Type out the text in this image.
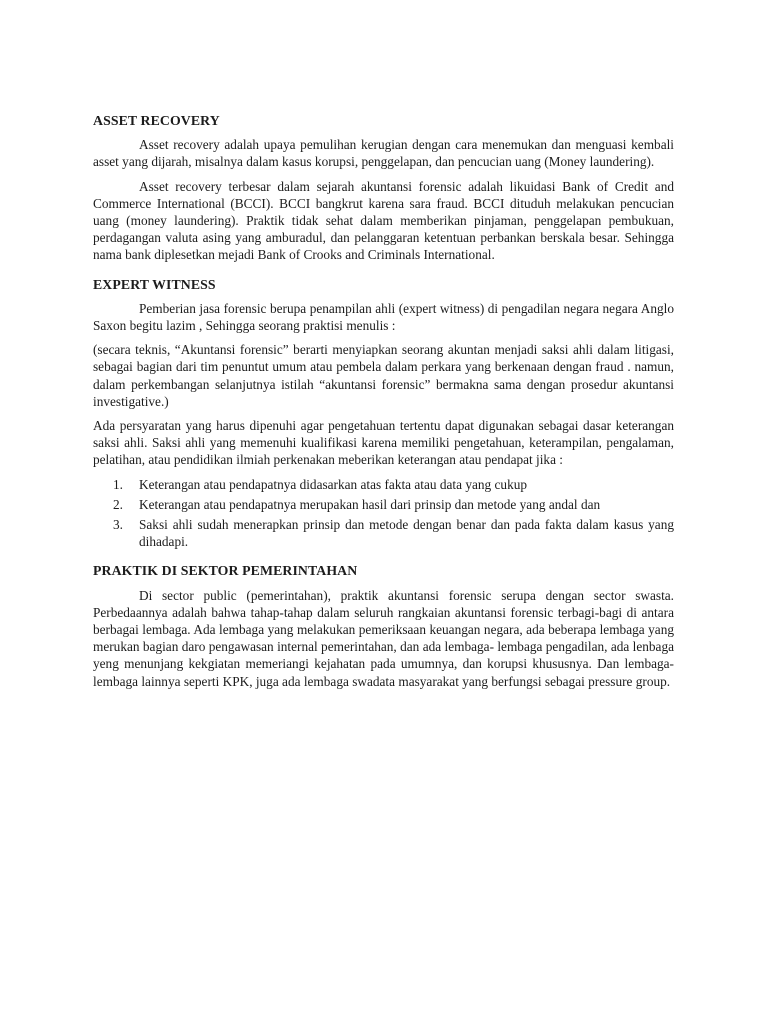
ASSET RECOVERY

Asset recovery adalah upaya pemulihan kerugian dengan cara menemukan dan menguasi kembali asset yang dijarah, misalnya dalam kasus korupsi, penggelapan, dan pencucian uang (Money laundering).

Asset recovery terbesar dalam sejarah akuntansi forensic adalah likuidasi Bank of Credit and Commerce International (BCCI). BCCI bangkrut karena sara fraud. BCCI dituduh melakukan pencucian uang (money laundering). Praktik tidak sehat dalam memberikan pinjaman, penggelapan pembukuan, perdagangan valuta asing yang amburadul, dan pelanggaran ketentuan perbankan berskala besar. Sehingga nama bank diplesetkan mejadi Bank of Crooks and Criminals International.

EXPERT WITNESS

Pemberian jasa forensic berupa penampilan ahli (expert witness) di pengadilan negara negara Anglo Saxon begitu lazim , Sehingga seorang praktisi menulis :

(secara teknis, “Akuntansi forensic” berarti menyiapkan seorang akuntan menjadi saksi ahli dalam litigasi, sebagai bagian dari tim penuntut umum atau pembela dalam perkara yang berkenaan dengan fraud . namun, dalam perkembangan selanjutnya istilah “akuntansi forensic” bermakna sama dengan prosedur akuntansi investigative.)

Ada persyaratan yang harus dipenuhi agar pengetahuan tertentu dapat digunakan sebagai dasar keterangan saksi ahli. Saksi ahli yang memenuhi kualifikasi karena memiliki pengetahuan, keterampilan, pengalaman, pelatihan, atau pendidikan ilmiah perkenakan meberikan keterangan atau pendapat jika :

1. Keterangan atau pendapatnya didasarkan atas fakta atau data yang cukup
2. Keterangan atau pendapatnya merupakan hasil dari prinsip dan metode yang andal dan
3. Saksi ahli sudah menerapkan prinsip dan metode dengan benar dan pada fakta dalam kasus yang dihadapi.
PRAKTIK DI SEKTOR PEMERINTAHAN

Di sector public (pemerintahan), praktik akuntansi forensic serupa dengan sector swasta. Perbedaannya adalah bahwa tahap-tahap dalam seluruh rangkaian akuntansi forensic terbagi-bagi di antara berbagai lembaga. Ada lembaga yang melakukan pemeriksaan keuangan negara, ada beberapa lembaga yang merukan bagian daro pengawasan internal pemerintahan, dan ada lembaga- lembaga pengadilan, ada lenbaga yeng menunjang kekgiatan memeriangi kejahatan pada umumnya, dan korupsi khususnya. Dan lembaga-lembaga lainnya seperti KPK, juga ada lembaga swadata masyarakat yang berfungsi sebagai pressure group.
